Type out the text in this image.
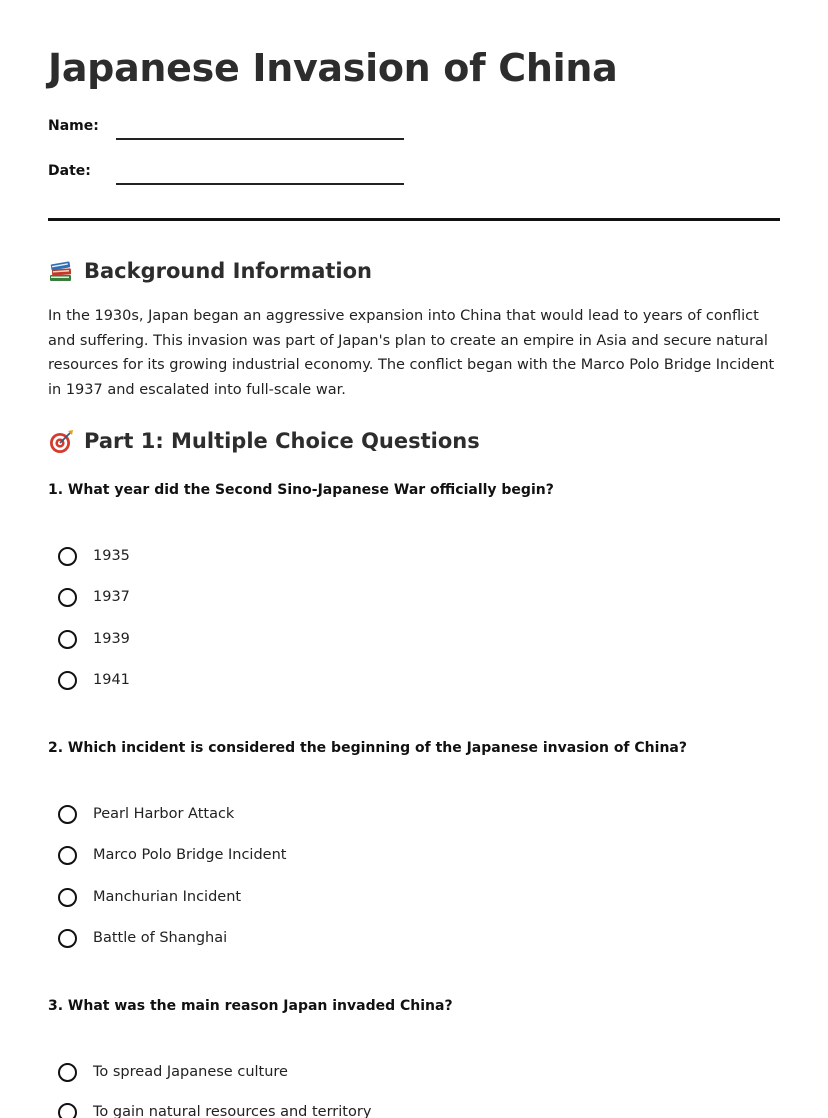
Japanese Invasion of China
Name:
Date:
Background Information

In the 1930s, Japan began an aggressive expansion into China that would lead to years of conflict and suffering. This invasion was part of Japan's plan to create an empire in Asia and secure natural resources for its growing industrial economy. The conflict began with the Marco Polo Bridge Incident in 1937 and escalated into full-scale war.

Part 1: Multiple Choice Questions

1. What year did the Second Sino-Japanese War officially begin?

1935
1937
1939
1941

2. Which incident is considered the beginning of the Japanese invasion of China?

Pearl Harbor Attack
Marco Polo Bridge Incident
Manchurian Incident
Battle of Shanghai

3. What was the main reason Japan invaded China?

To spread Japanese culture
To gain natural resources and territory
